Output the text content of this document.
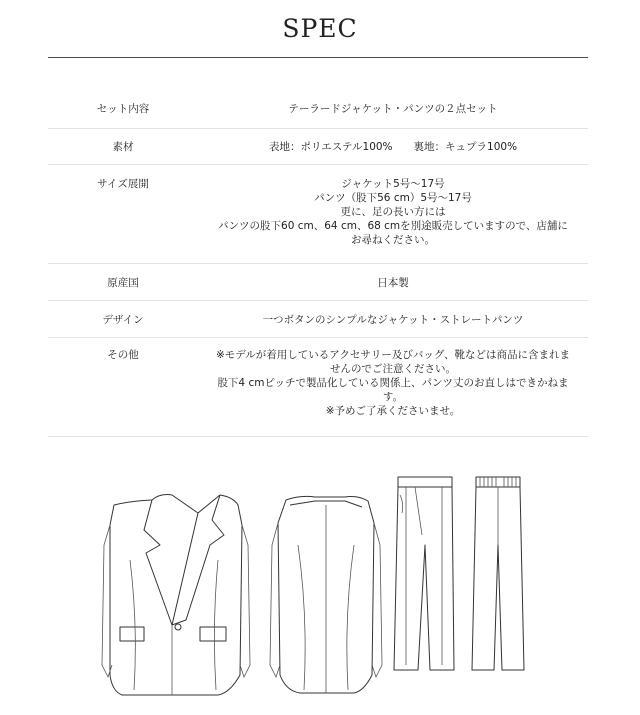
SPEC
セット内容	テーラードジャケット・パンツの２点セット
素材	表地：ポリエステル100%　　裏地：キュプラ100%
サイズ展開	ジャケット5号～17号
パンツ（股下56 cm）5号～17号
更に、足の長い方には
パンツの股下60 cm、64 cm、68 cmを別途販売していますので、店舗に
お尋ねください。
原産国	日本製
デザイン	一つボタンのシンプルなジャケット・ストレートパンツ
その他	※モデルが着用しているアクセサリー及びバッグ、靴などは商品に含まれま
せんのでご注意ください。
股下4 cmピッチで製品化している関係上、パンツ丈のお直しはできかねま
す。
※予めご了承くださいませ。
